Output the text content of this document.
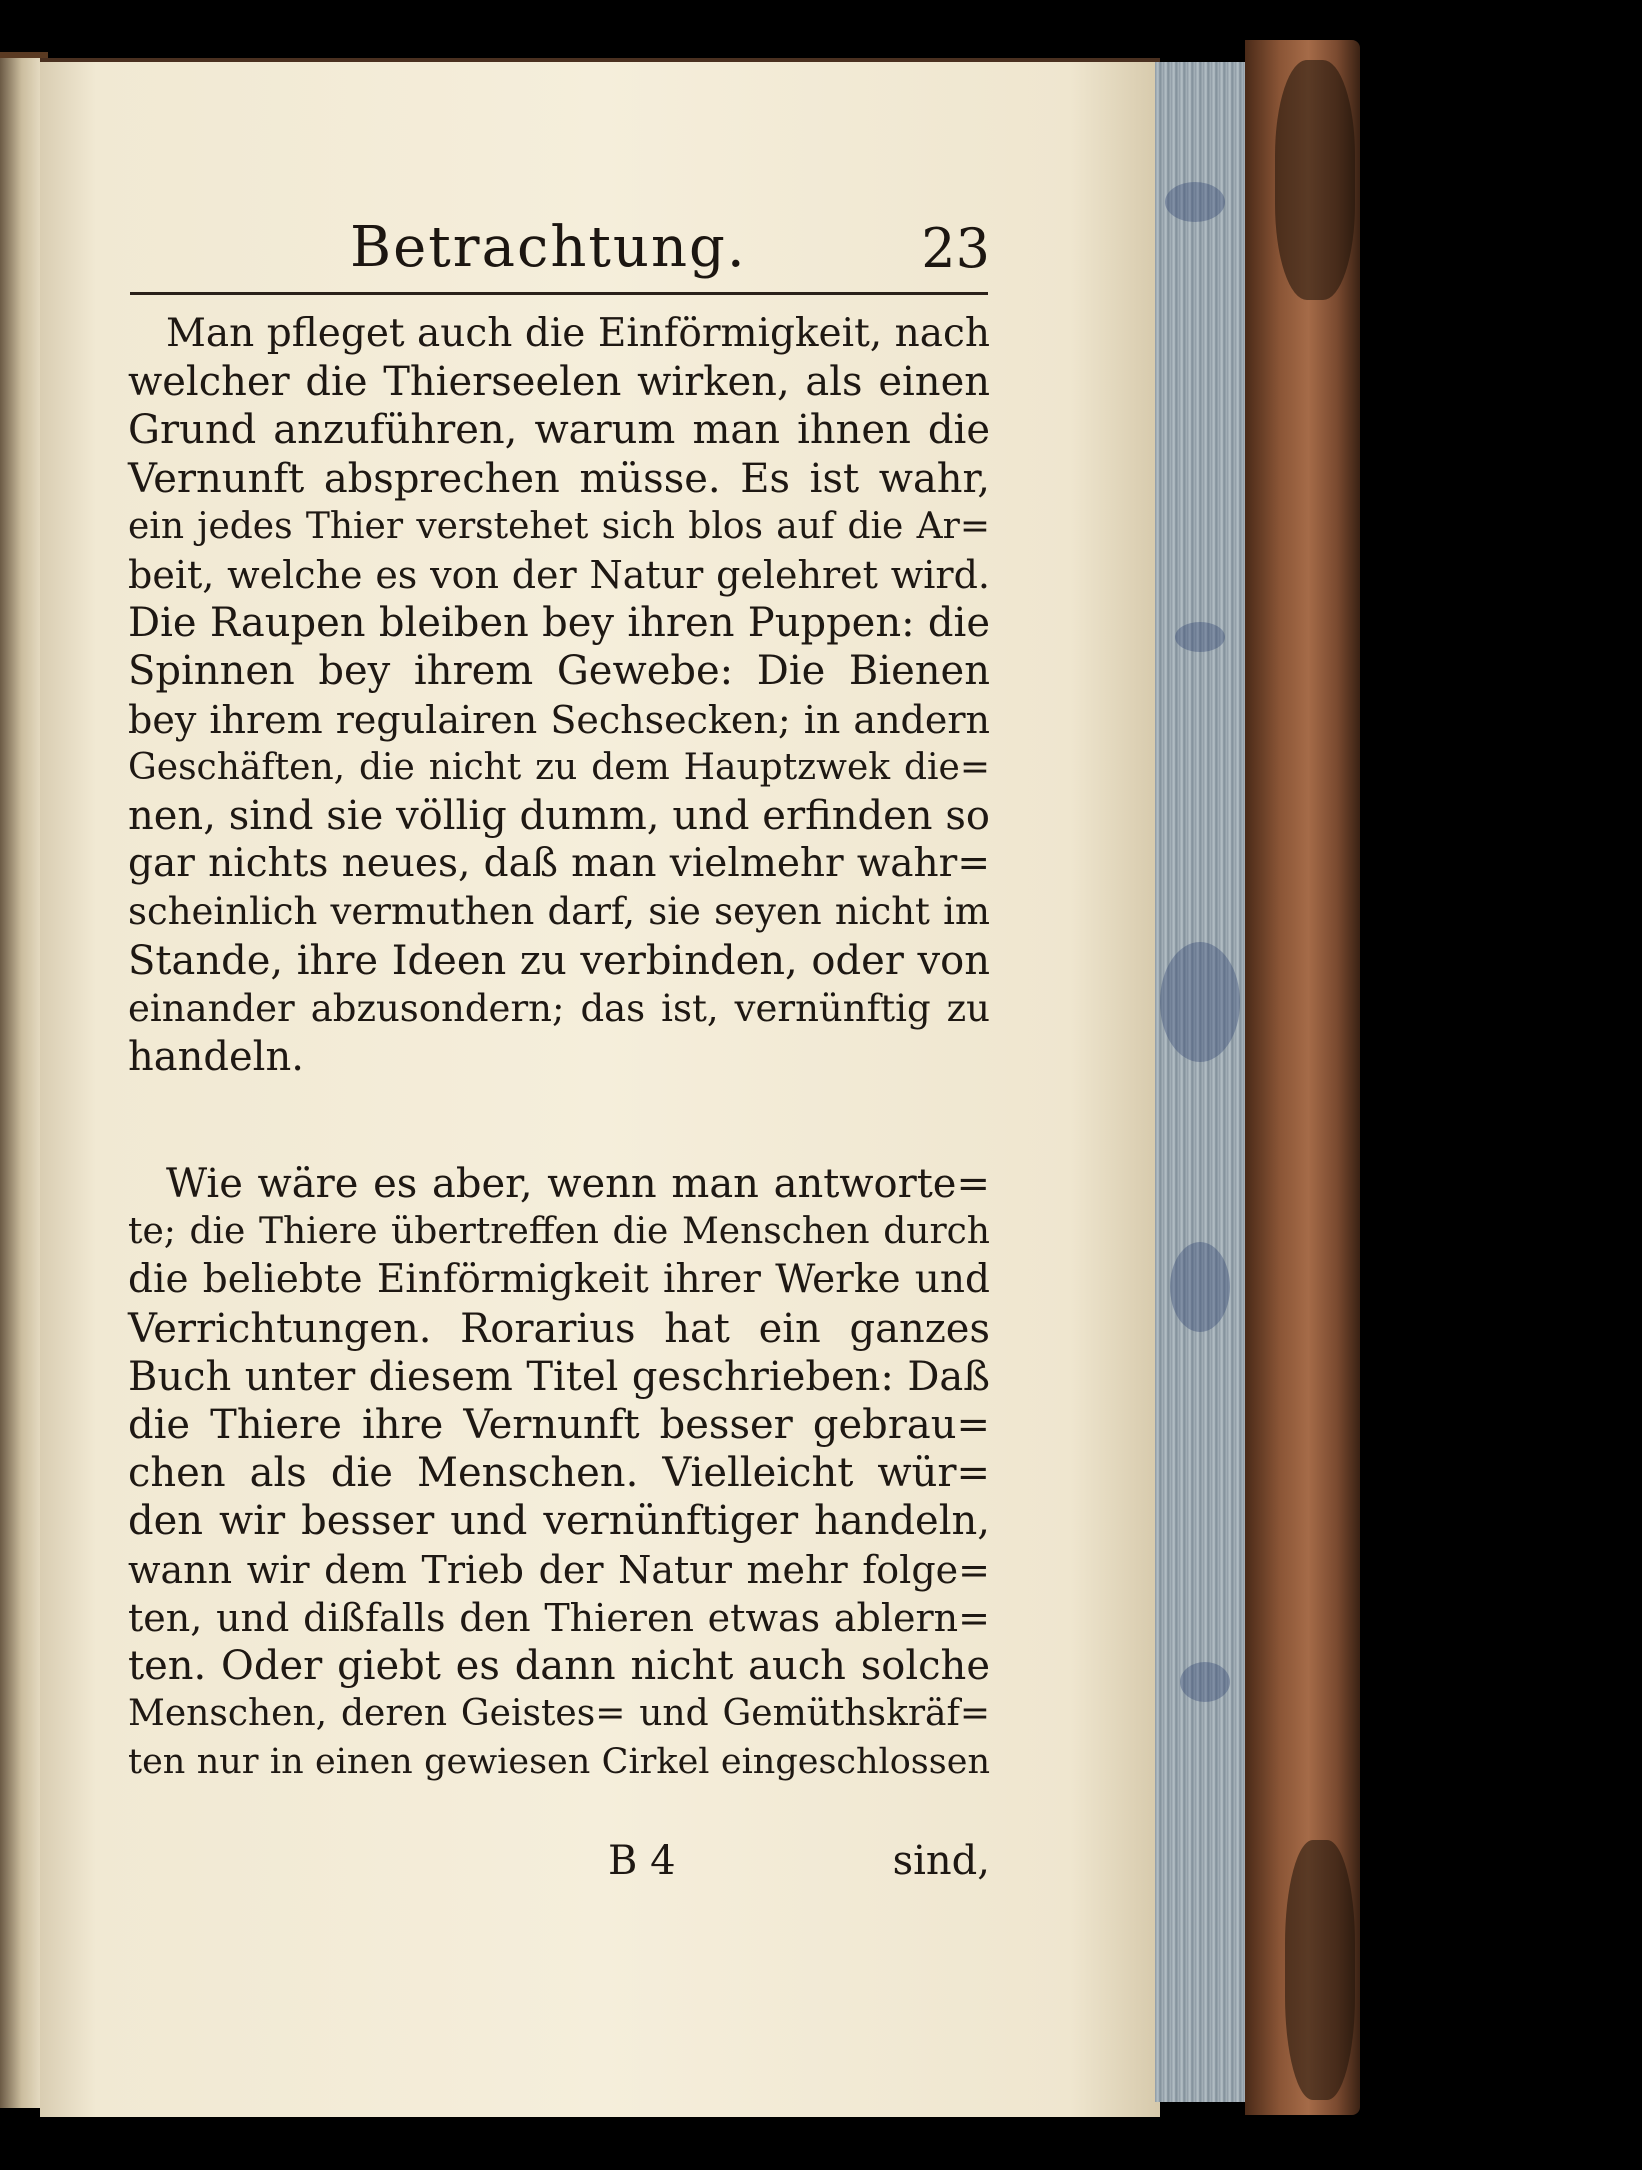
Betrachtung.	23
Man pfleget auch die Einförmigkeit, nach
welcher die Thierseelen wirken, als einen
Grund anzuführen, warum man ihnen die
Vernunft absprechen müsse. Es ist wahr,
ein jedes Thier verstehet sich blos auf die Ar=
beit, welche es von der Natur gelehret wird.
Die Raupen bleiben bey ihren Puppen: die
Spinnen bey ihrem Gewebe: Die Bienen
bey ihrem regulairen Sechsecken; in andern
Geschäften, die nicht zu dem Hauptzwek die=
nen, sind sie völlig dumm, und erfinden so
gar nichts neues, daß man vielmehr wahr=
scheinlich vermuthen darf, sie seyen nicht im
Stande, ihre Ideen zu verbinden, oder von
einander abzusondern; das ist, vernünftig zu
handeln.
Wie wäre es aber, wenn man antworte=
te; die Thiere übertreffen die Menschen durch
die beliebte Einförmigkeit ihrer Werke und
Verrichtungen. Rorarius hat ein ganzes
Buch unter diesem Titel geschrieben: Daß
die Thiere ihre Vernunft besser gebrau=
chen als die Menschen. Vielleicht wür=
den wir besser und vernünftiger handeln,
wann wir dem Trieb der Natur mehr folge=
ten, und dißfalls den Thieren etwas ablern=
ten. Oder giebt es dann nicht auch solche
Menschen, deren Geistes= und Gemüthskräf=
ten nur in einen gewiesen Cirkel eingeschlossen
B 4	sind,
